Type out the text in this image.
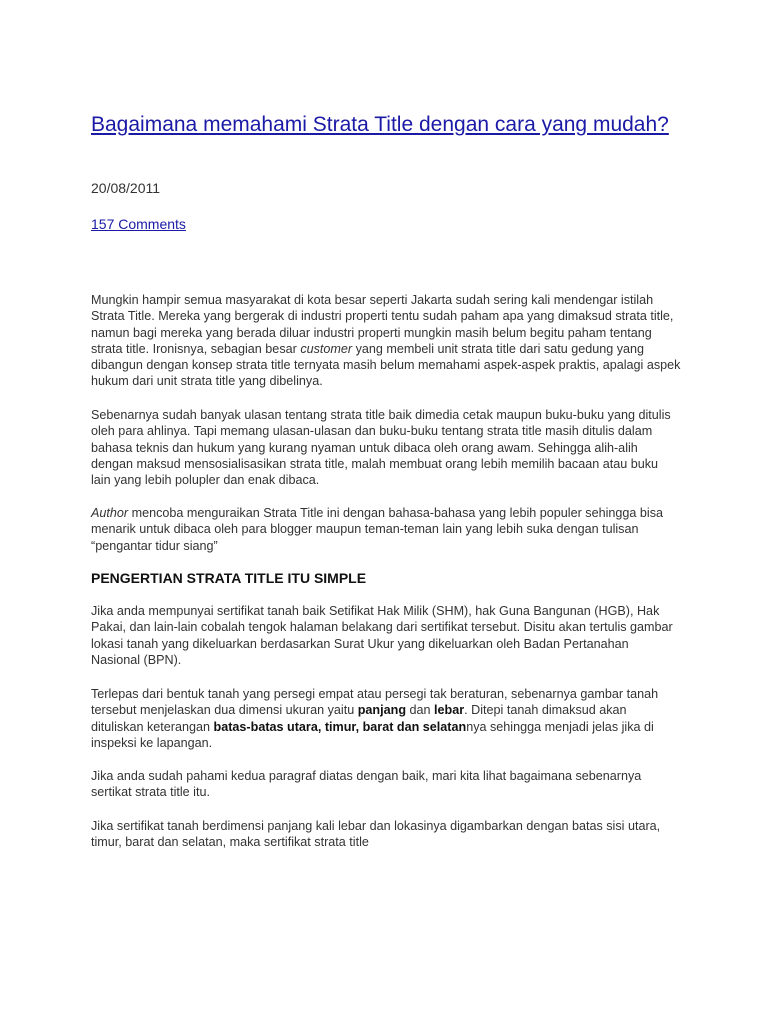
Bagaimana memahami Strata Title dengan cara yang mudah?
20/08/2011
157 Comments

Mungkin hampir semua masyarakat di kota besar seperti Jakarta sudah sering kali mendengar istilah Strata Title. Mereka yang bergerak di industri properti tentu sudah paham apa yang dimaksud strata title, namun bagi mereka yang berada diluar industri properti mungkin masih belum begitu paham tentang strata title. Ironisnya, sebagian besar customer yang membeli unit strata title dari satu gedung yang dibangun dengan konsep strata title ternyata masih belum memahami aspek-aspek praktis, apalagi aspek hukum dari unit strata title yang dibelinya.

Sebenarnya sudah banyak ulasan tentang strata title baik dimedia cetak maupun buku-buku yang ditulis oleh para ahlinya. Tapi memang ulasan-ulasan dan buku-buku tentang strata title masih ditulis dalam bahasa teknis dan hukum yang kurang nyaman untuk dibaca oleh orang awam. Sehingga alih-alih dengan maksud mensosialisasikan strata title, malah membuat orang lebih memilih bacaan atau buku lain yang lebih polupler dan enak dibaca.

Author mencoba menguraikan Strata Title ini dengan bahasa-bahasa yang lebih populer sehingga bisa menarik untuk dibaca oleh para blogger maupun teman-teman lain yang lebih suka dengan tulisan “pengantar tidur siang”

PENGERTIAN STRATA TITLE ITU SIMPLE

Jika anda mempunyai sertifikat tanah baik Setifikat Hak Milik (SHM), hak Guna Bangunan (HGB), Hak Pakai, dan lain-lain cobalah tengok halaman belakang dari sertifikat tersebut. Disitu akan tertulis gambar lokasi tanah yang dikeluarkan berdasarkan Surat Ukur yang dikeluarkan oleh Badan Pertanahan Nasional (BPN).

Terlepas dari bentuk tanah yang persegi empat atau persegi tak beraturan, sebenarnya gambar tanah tersebut menjelaskan dua dimensi ukuran yaitu panjang dan lebar. Ditepi tanah dimaksud akan dituliskan keterangan batas-batas utara, timur, barat dan selatannya sehingga menjadi jelas jika di inspeksi ke lapangan.

Jika anda sudah pahami kedua paragraf diatas dengan baik, mari kita lihat bagaimana sebenarnya sertikat strata title itu.

Jika sertifikat tanah berdimensi panjang kali lebar dan lokasinya digambarkan dengan batas sisi utara, timur, barat dan selatan, maka sertifikat strata title
